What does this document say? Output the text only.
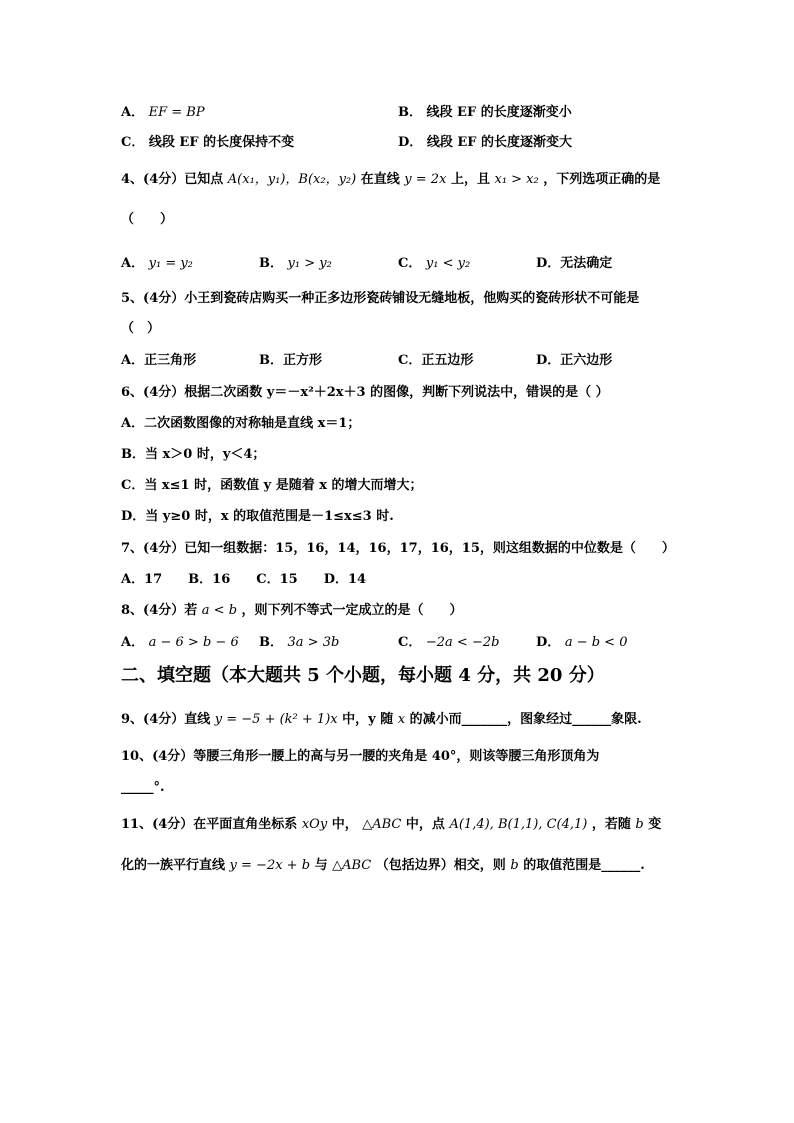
A． EF = BP	B． 线段 EF 的长度逐渐变小
C． 线段 EF 的长度保持不变	D． 线段 EF 的长度逐渐变大
4、(4分）已知点 A(x₁，y₁)，B(x₂，y₂) 在直线 y = 2x 上，且 x₁ > x₂ ，下列选项正确的是
（　　）
A． y₁ = y₂	B． y₁ > y₂	C． y₁ < y₂	D．无法确定
5、(4分）小王到瓷砖店购买一种正多边形瓷砖铺设无缝地板，他购买的瓷砖形状不可能是
（　）
A．正三角形	B．正方形	C．正五边形	D．正六边形
6、(4分）根据二次函数 y＝－x²＋2x＋3 的图像，判断下列说法中，错误的是（ ）
A．二次函数图像的对称轴是直线 x＝1；
B．当 x＞0 时，y＜4；
C．当 x≤1 时，函数值 y 是随着 x 的增大而增大；
D．当 y≥0 时，x 的取值范围是－1≤x≤3 时.
7、(4分）已知一组数据：15，16，14，16，17，16，15，则这组数据的中位数是（　　）
A．17　　B．16　　C．15　　D．14
8、(4分）若 a < b ，则下列不等式一定成立的是（　　）
A． a − 6 > b − 6 B． 3a > 3b	C． −2a < −2b	D． a − b < 0
二、填空题（本大题共 5 个小题，每小题 4 分，共 20 分）
9、(4分）直线 y = −5 + (k² + 1)x 中，y 随 x 的减小而_______，图象经过______象限.
10、(4分）等腰三角形一腰上的高与另一腰的夹角是 40°，则该等腰三角形顶角为
_____°.
11、(4分）在平面直角坐标系 xOy 中， △ABC 中，点 A(1,4), B(1,1), C(4,1) ，若随 b 变
化的一族平行直线 y = −2x + b 与 △ABC （包括边界）相交，则 b 的取值范围是______.
